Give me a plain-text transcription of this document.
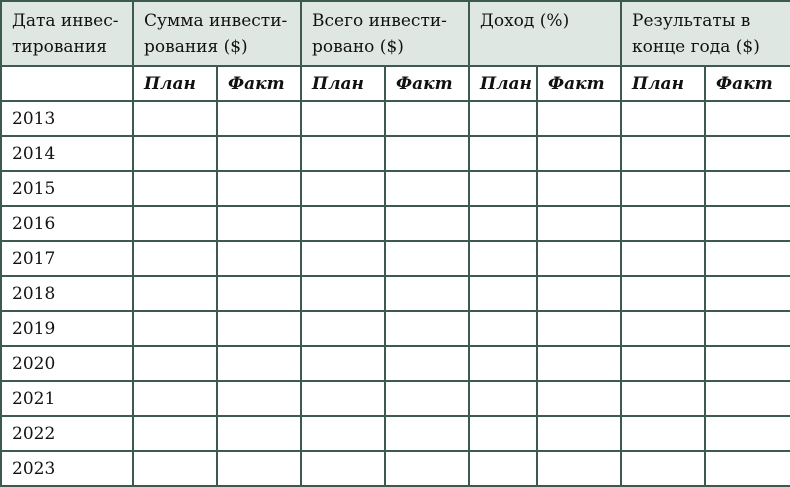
Дата инвес-тирования	Сумма инвести-рования ($)		Всего инвести-ровано ($)		Доход (%)		Результаты в конце года ($)	
	План	Факт	План	Факт	План	Факт	План	Факт
2013								
2014								
2015								
2016								
2017								
2018								
2019								
2020								
2021								
2022								
2023								
